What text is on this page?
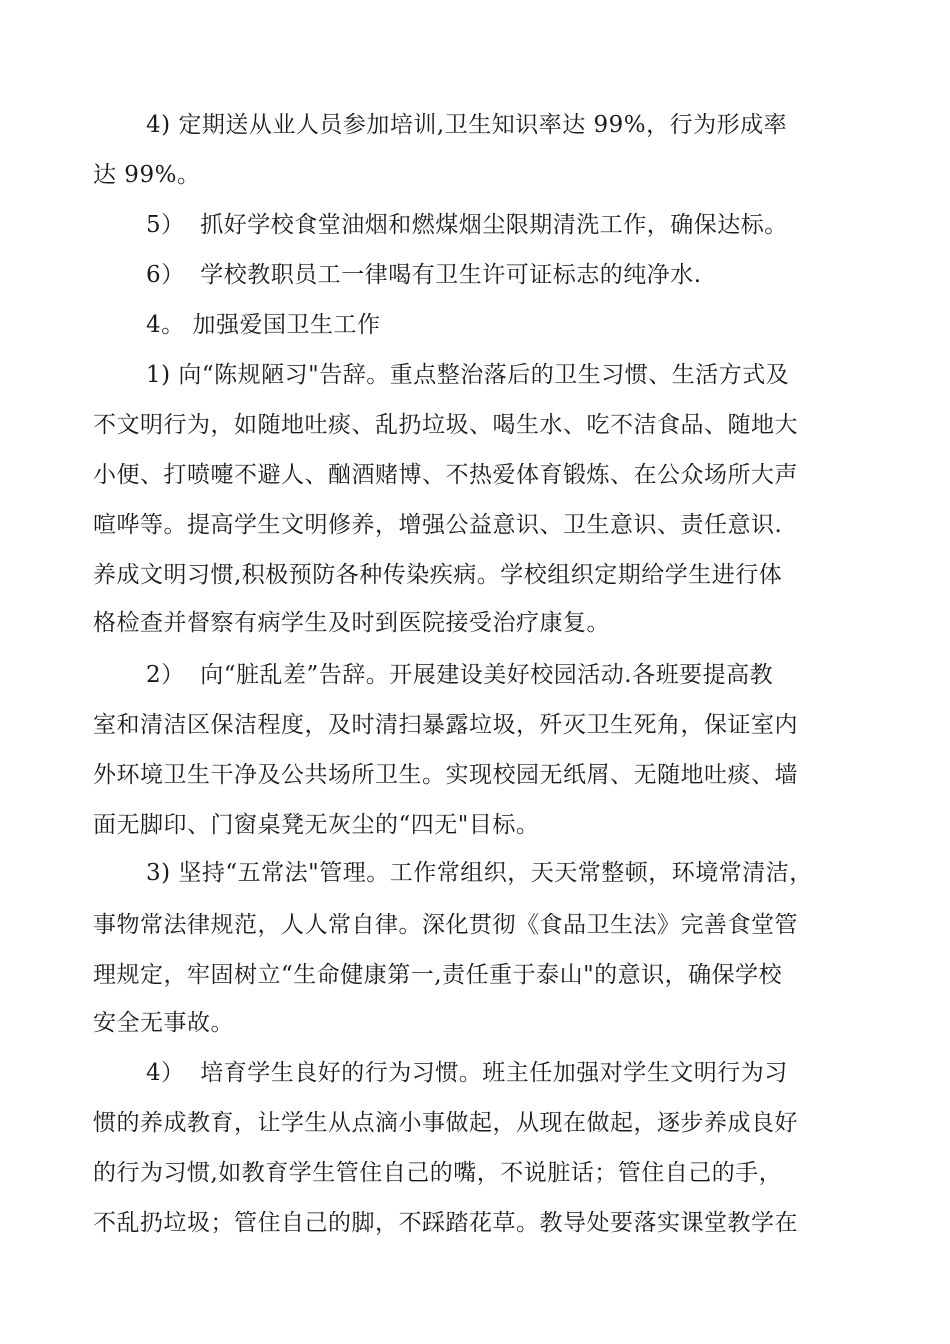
4) 定期送从业人员参加培训,卫生知识率达 99%，行为形成率
达 99%。
5）  抓好学校食堂油烟和燃煤烟尘限期清洗工作，确保达标。
6）  学校教职员工一律喝有卫生许可证标志的纯净水.
4。 加强爱国卫生工作
1) 向“陈规陋习"告辞。重点整治落后的卫生习惯、生活方式及
不文明行为，如随地吐痰、乱扔垃圾、喝生水、吃不洁食品、随地大
小便、打喷嚏不避人、酗酒赌博、不热爱体育锻炼、在公众场所大声
喧哗等。提高学生文明修养，增强公益意识、卫生意识、责任意识.
养成文明习惯,积极预防各种传染疾病。学校组织定期给学生进行体
格检查并督察有病学生及时到医院接受治疗康复。
2）  向“脏乱差”告辞。开展建设美好校园活动.各班要提高教
室和清洁区保洁程度，及时清扫暴露垃圾，歼灭卫生死角，保证室内
外环境卫生干净及公共场所卫生。实现校园无纸屑、无随地吐痰、墙
面无脚印、门窗桌凳无灰尘的“四无"目标。
3) 坚持“五常法"管理。工作常组织，天天常整顿，环境常清洁，
事物常法律规范，人人常自律。深化贯彻《食品卫生法》完善食堂管
理规定，牢固树立“生命健康第一,责任重于泰山"的意识，确保学校
安全无事故。
4）  培育学生良好的行为习惯。班主任加强对学生文明行为习
惯的养成教育，让学生从点滴小事做起，从现在做起，逐步养成良好
的行为习惯,如教育学生管住自己的嘴，不说脏话；管住自己的手，
不乱扔垃圾；管住自己的脚，不踩踏花草。教导处要落实课堂教学在
